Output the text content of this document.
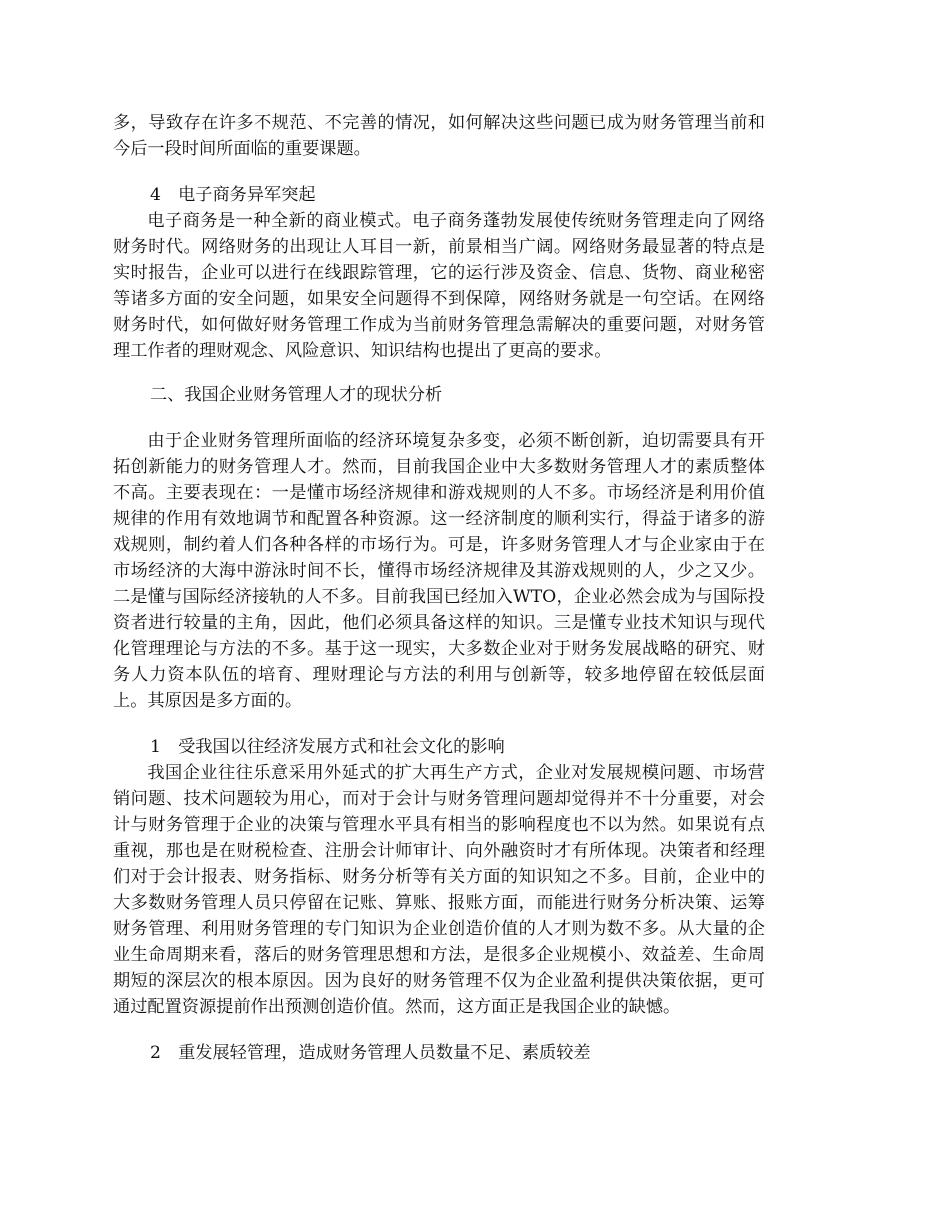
多，导致存在许多不规范、不完善的情况，如何解决这些问题已成为财务管理当前和今后一段时间所面临的重要课题。

4　电子商务异军突起

电子商务是一种全新的商业模式。电子商务蓬勃发展使传统财务管理走向了网络财务时代。网络财务的出现让人耳目一新，前景相当广阔。网络财务最显著的特点是实时报告，企业可以进行在线跟踪管理，它的运行涉及资金、信息、货物、商业秘密等诸多方面的安全问题，如果安全问题得不到保障，网络财务就是一句空话。在网络财务时代，如何做好财务管理工作成为当前财务管理急需解决的重要问题，对财务管理工作者的理财观念、风险意识、知识结构也提出了更高的要求。

二、我国企业财务管理人才的现状分析

由于企业财务管理所面临的经济环境复杂多变，必须不断创新，迫切需要具有开拓创新能力的财务管理人才。然而，目前我国企业中大多数财务管理人才的素质整体不高。主要表现在：一是懂市场经济规律和游戏规则的人不多。市场经济是利用价值规律的作用有效地调节和配置各种资源。这一经济制度的顺利实行，得益于诸多的游戏规则，制约着人们各种各样的市场行为。可是，许多财务管理人才与企业家由于在市场经济的大海中游泳时间不长，懂得市场经济规律及其游戏规则的人，少之又少。二是懂与国际经济接轨的人不多。目前我国已经加入WTO，企业必然会成为与国际投资者进行较量的主角，因此，他们必须具备这样的知识。三是懂专业技术知识与现代化管理理论与方法的不多。基于这一现实，大多数企业对于财务发展战略的研究、财务人力资本队伍的培育、理财理论与方法的利用与创新等，较多地停留在较低层面上。其原因是多方面的。

1　受我国以往经济发展方式和社会文化的影响

我国企业往往乐意采用外延式的扩大再生产方式，企业对发展规模问题、市场营销问题、技术问题较为用心，而对于会计与财务管理问题却觉得并不十分重要，对会计与财务管理于企业的决策与管理水平具有相当的影响程度也不以为然。如果说有点重视，那也是在财税检查、注册会计师审计、向外融资时才有所体现。决策者和经理们对于会计报表、财务指标、财务分析等有关方面的知识知之不多。目前，企业中的大多数财务管理人员只停留在记账、算账、报账方面，而能进行财务分析决策、运筹财务管理、利用财务管理的专门知识为企业创造价值的人才则为数不多。从大量的企业生命周期来看，落后的财务管理思想和方法，是很多企业规模小、效益差、生命周期短的深层次的根本原因。因为良好的财务管理不仅为企业盈利提供决策依据，更可通过配置资源提前作出预测创造价值。然而，这方面正是我国企业的缺憾。

2　重发展轻管理，造成财务管理人员数量不足、素质较差
